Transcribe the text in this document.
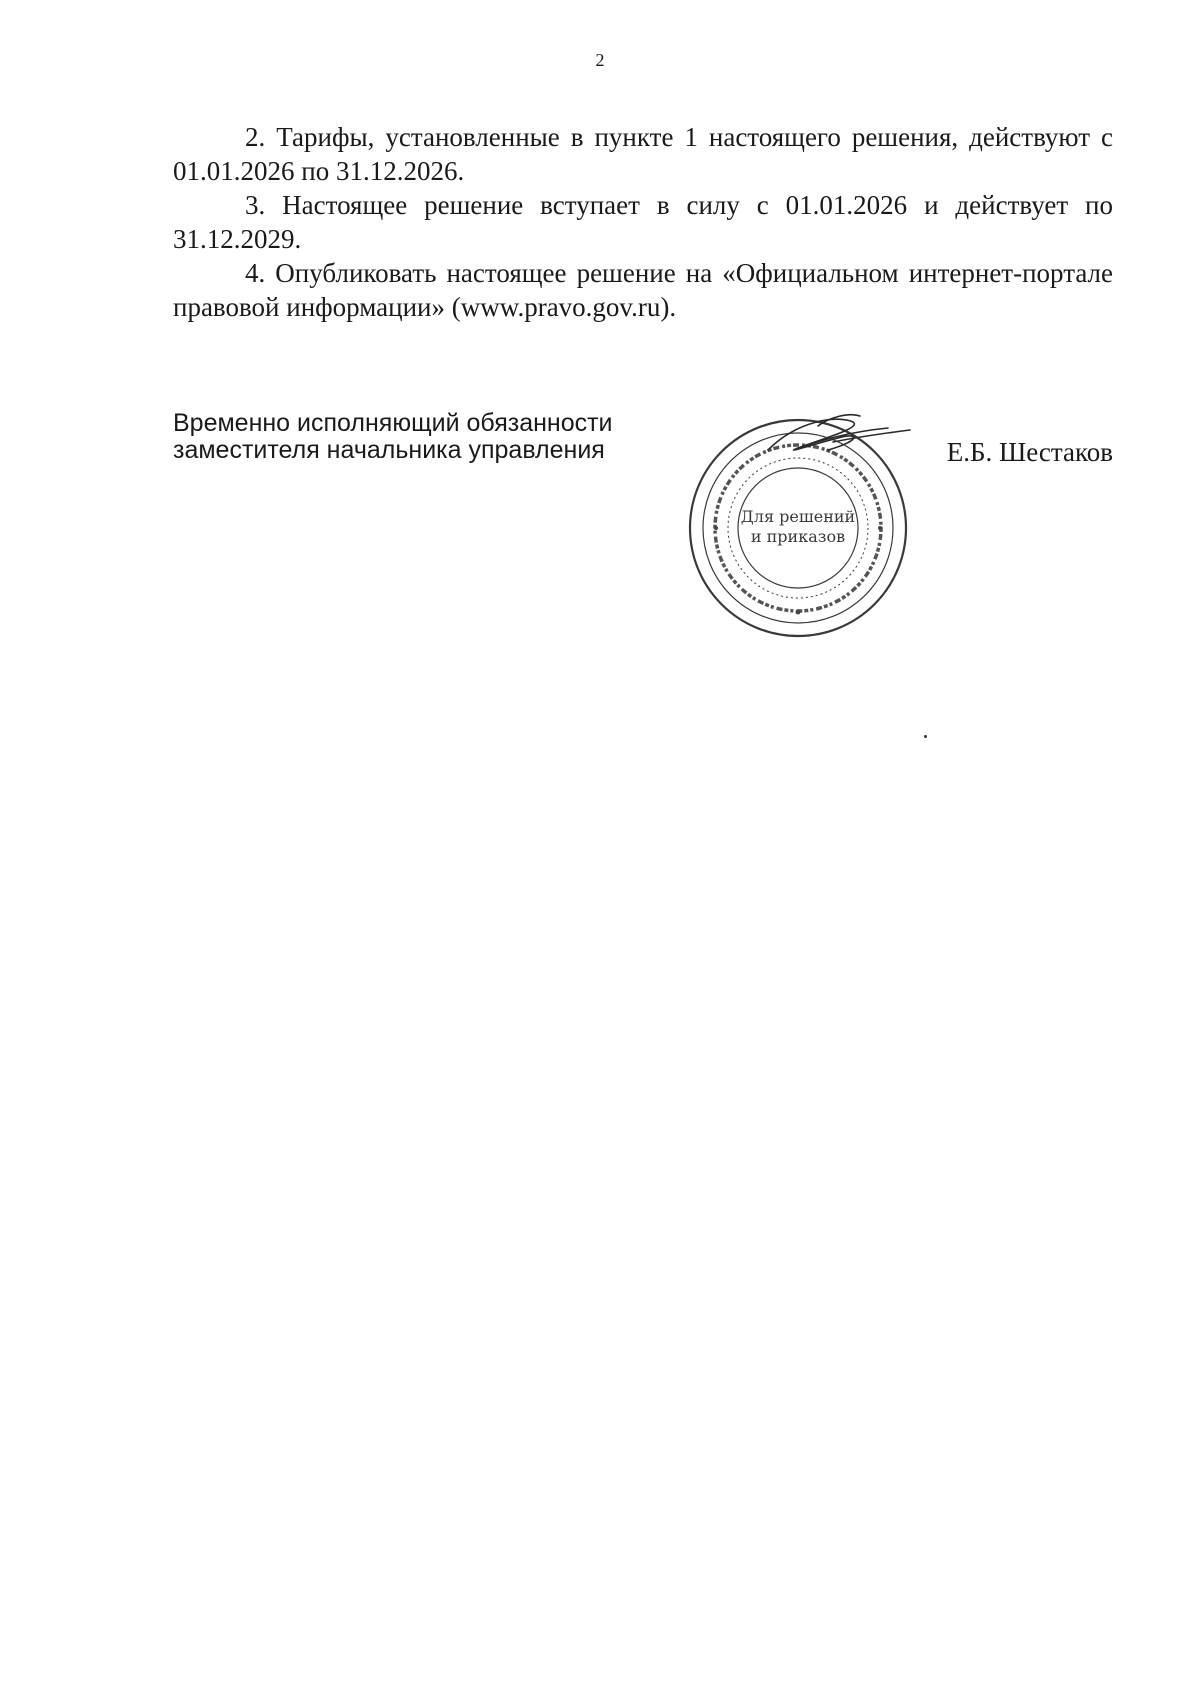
2

2. Тарифы, установленные в пункте 1 настоящего решения, действуют с 01.01.2026 по 31.12.2026.

3. Настоящее решение вступает в силу с 01.01.2026 и действует по 31.12.2029.

4. Опубликовать настоящее решение на «Официальном интернет-портале правовой информации» (www.pravo.gov.ru).

Временно исполняющий обязанности
заместителя начальника управления
Для решений
и приказов
Е.Б. Шестаков
